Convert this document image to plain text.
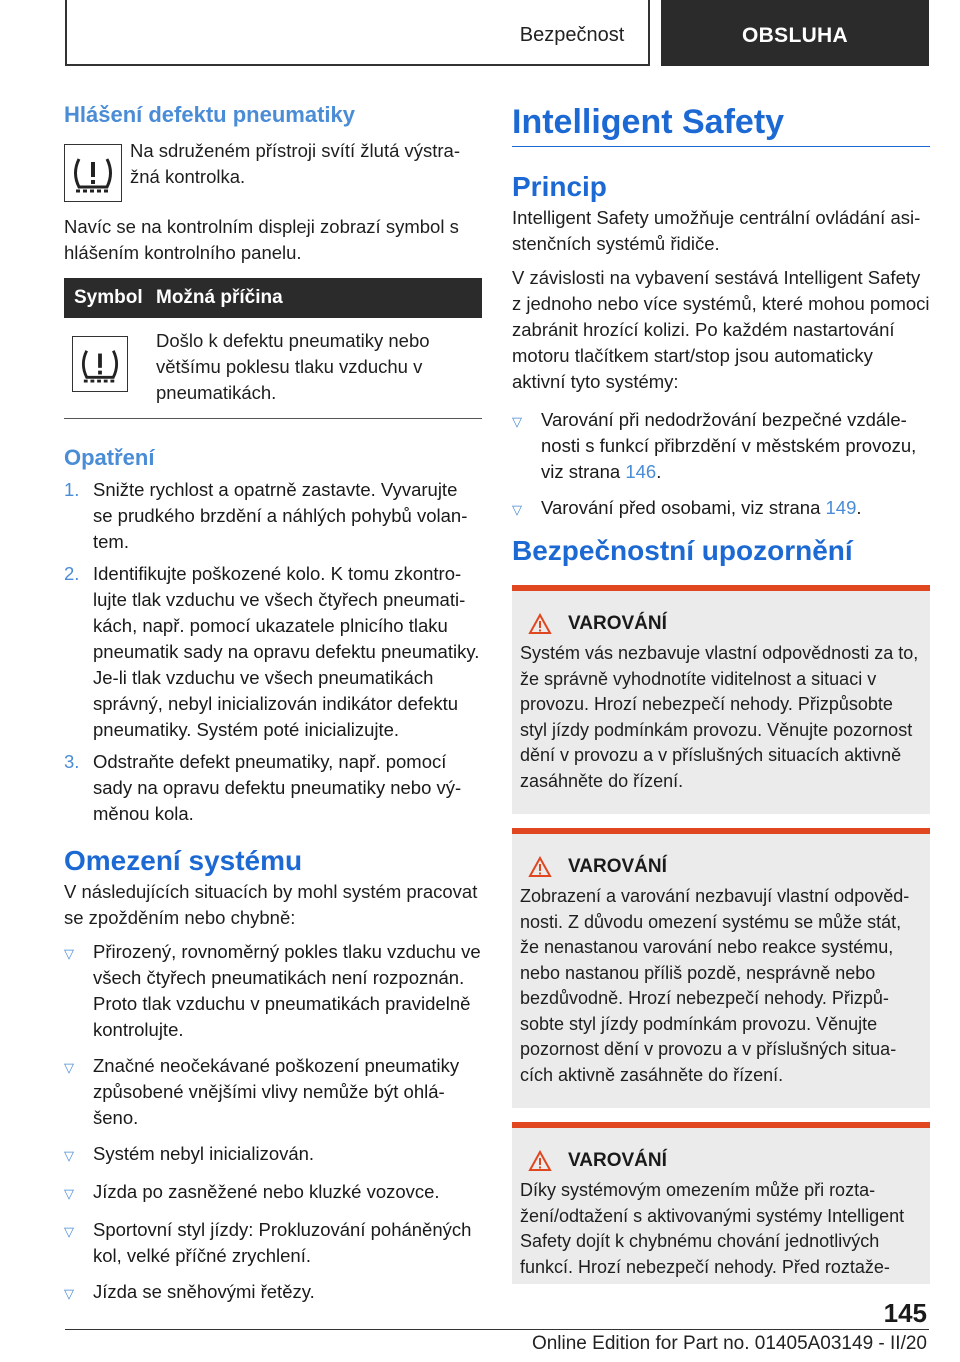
Bezpečnost	OBSLUHA
Hlášení defektu pneumatiky
Na sdruženém přístroji svítí žlutá výstražná kontrolka.
Navíc se na kontrolním displeji zobrazí symbol s hlášením kontrolního panelu.
Symbol Možná příčina
Došlo k defektu pneumatiky nebo většímu poklesu tlaku vzduchu v pneumatikách.
Opatření
1. Snižte rychlost a opatrně zastavte. Vyvarujte se prudkého brzdění a náhlých pohybů volantem.
2. Identifikujte poškozené kolo. K tomu zkontrolujte tlak vzduchu ve všech čtyřech pneumatikách, např. pomocí ukazatele plnicího tlaku pneumatik sady na opravu defektu pneumatiky. Je-li tlak vzduchu ve všech pneumatikách správný, nebyl inicializován indikátor defektu pneumatiky. Systém poté inicializujte.
3. Odstraňte defekt pneumatiky, např. pomocí sady na opravu defektu pneumatiky nebo výměnou kola.
Omezení systému
V následujících situacích by mohl systém pracovat se zpožděním nebo chybně:
▽	Přirozený, rovnoměrný pokles tlaku vzduchu ve všech čtyřech pneumatikách není rozpoznán. Proto tlak vzduchu v pneumatikách pravidelně kontrolujte.
▽	Značné neočekávané poškození pneumatiky způsobené vnějšími vlivy nemůže být ohlášeno.
▽	Systém nebyl inicializován.
▽	Jízda po zasněžené nebo kluzké vozovce.
▽	Sportovní styl jízdy: Prokluzování poháněných kol, velké příčné zrychlení.
▽	Jízda se sněhovými řetězy.
Intelligent Safety
Princip
Intelligent Safety umožňuje centrální ovládání asistenčních systémů řidiče.
V závislosti na vybavení sestává Intelligent Safety z jednoho nebo více systémů, které mohou pomoci zabránit hrozící kolizi. Po každém nastartování motoru tlačítkem start/stop jsou automaticky aktivní tyto systémy:
▽	Varování při nedodržování bezpečné vzdálenosti s funkcí přibrzdění v městském provozu, viz strana 146.
▽	Varování před osobami, viz strana 149.
Bezpečnostní upozornění
VAROVÁNÍ
Systém vás nezbavuje vlastní odpovědnosti za to, že správně vyhodnotíte viditelnost a situaci v provozu. Hrozí nebezpečí nehody. Přizpůsobte styl jízdy podmínkám provozu. Věnujte pozornost dění v provozu a v příslušných situacích aktivně zasáhněte do řízení.
VAROVÁNÍ
Zobrazení a varování nezbavují vlastní odpovědnosti. Z důvodu omezení systému se může stát, že nenastanou varování nebo reakce systému, nebo nastanou příliš pozdě, nesprávně nebo bezdůvodně. Hrozí nebezpečí nehody. Přizpůsobte styl jízdy podmínkám provozu. Věnujte pozornost dění v provozu a v příslušných situacích aktivně zasáhněte do řízení.
VAROVÁNÍ
Díky systémovým omezením může při roztažení/odtažení s aktivovanými systémy Intelligent Safety dojít k chybnému chování jednotlivých funkcí. Hrozí nebezpečí nehody. Před roztaže-
145
Online Edition for Part no. 01405A03149 - II/20
